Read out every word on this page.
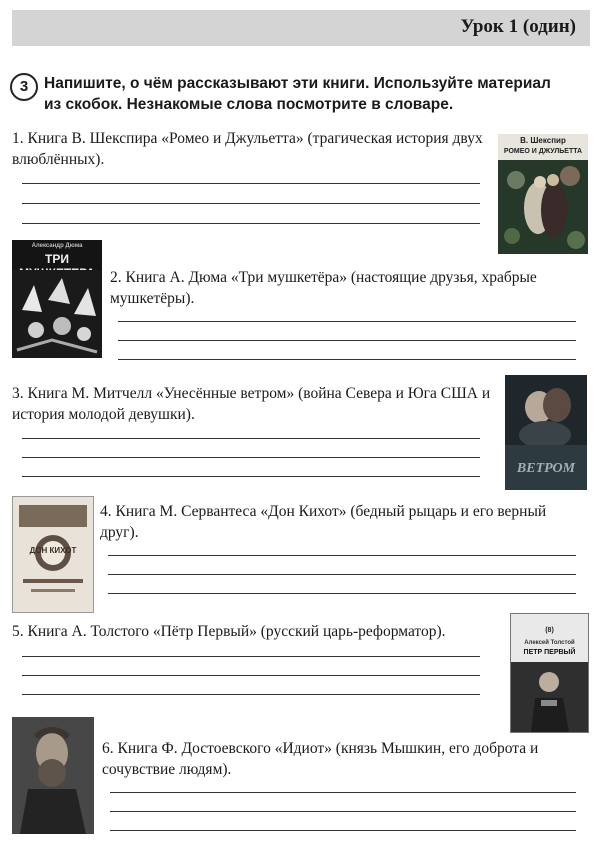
Урок 1 (один)
3	Напишите, о чём рассказывают эти книги. Используйте материал из скобок. Незнакомые слова посмотрите в словаре.
1. Книга В. Шекспира «Ромео и Джульетта» (трагическая история двух влюблённых).
В. Шекспир
РОМЕО И ДЖУЛЬЕТТА
Александр Дюма
ТРИ
2. Книга А. Дюма «Три мушкетёра» (настоящие друзья, храбрые мушкетёры).
3. Книга М. Митчелл «Унесённые ветром» (война Севера и Юга США и история молодой девушки).
ВЕТРОМ
ДОН КИХОТ
4. Книга М. Сервантеса «Дон Кихот» (бедный рыцарь и его верный друг).
5. Книга А. Толстого «Пётр Первый» (русский царь-реформатор).	(8)
Алексей Толстой
ПЕТР ПЕРВЫЙ
6. Книга Ф. Достоевского «Идиот» (князь Мышкин, его доброта и сочувствие людям).
